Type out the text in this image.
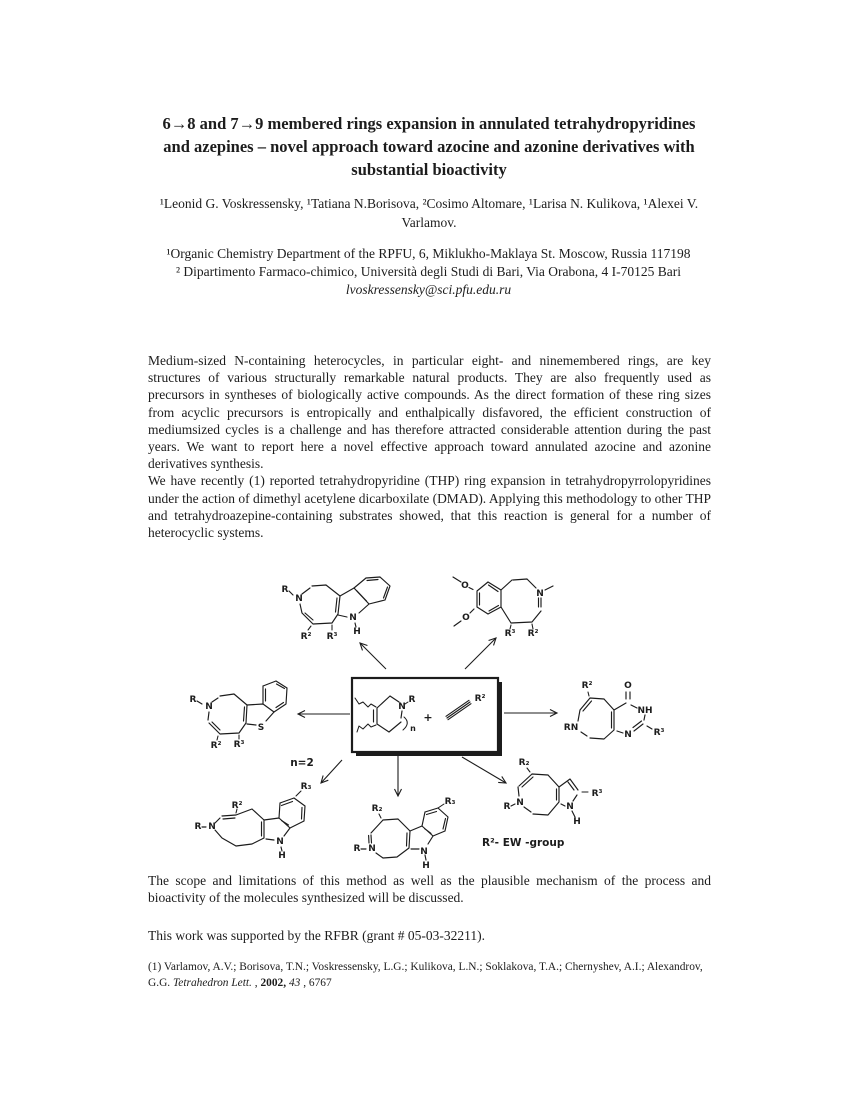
6→8 and 7→9 membered rings expansion in annulated tetrahydropyridines and azepines – novel approach toward azocine and azonine derivatives with substantial bioactivity
¹Leonid G. Voskressensky, ¹Tatiana N.Borisova, ²Cosimo Altomare, ¹Larisa N. Kulikova, ¹Alexei V. Varlamov.
¹Organic Chemistry Department of the RPFU, 6, Miklukho-Maklaya St. Moscow, Russia 117198
² Dipartimento Farmaco-chimico, Università degli Studi di Bari, Via Orabona, 4 I-70125 Bari
lvoskressensky@sci.pfu.edu.ru

Medium-sized N-containing heterocycles, in particular eight- and ninemembered rings, are key structures of various structurally remarkable natural products. They are also frequently used as precursors in syntheses of biologically active compounds. As the direct formation of these ring sizes from acyclic precursors is entropically and enthalpically disfavored, the efficient construction of mediumsized cycles is a challenge and has therefore attracted considerable attention during the past years. We want to report here a novel effective approach toward annulated azocine and azonine derivatives synthesis.

We have recently (1) reported tetrahydropyridine (THP) ring expansion in tetrahydropyrrolopyridines under the action of dimethyl acetylene dicarboxilate (DMAD). Applying this methodology to other THP and tetrahydroazepine-containing substrates showed, that this reaction is general for a number of heterocyclic systems.

N
R
n
+
R²
n=2
R
N
R² R³
N
H
O
O
N
R³ R²
R
N
S
R² R³
R²	O
NH
RN
N R³
R N
R²
R₃
N
H
R N
R₂
R₃
N
H
R₂
R N
R³
N
H
R²- EW -group
The scope and limitations of this method as well as the plausible mechanism of the process and bioactivity of the molecules synthesized will be discussed.
This work was supported by the RFBR (grant # 05-03-32211).
(1) Varlamov, A.V.; Borisova, T.N.; Voskressensky, L.G.; Kulikova, L.N.; Soklakova, T.A.; Chernyshev, A.I.; Alexandrov, G.G. Tetrahedron Lett. , 2002, 43 , 6767
